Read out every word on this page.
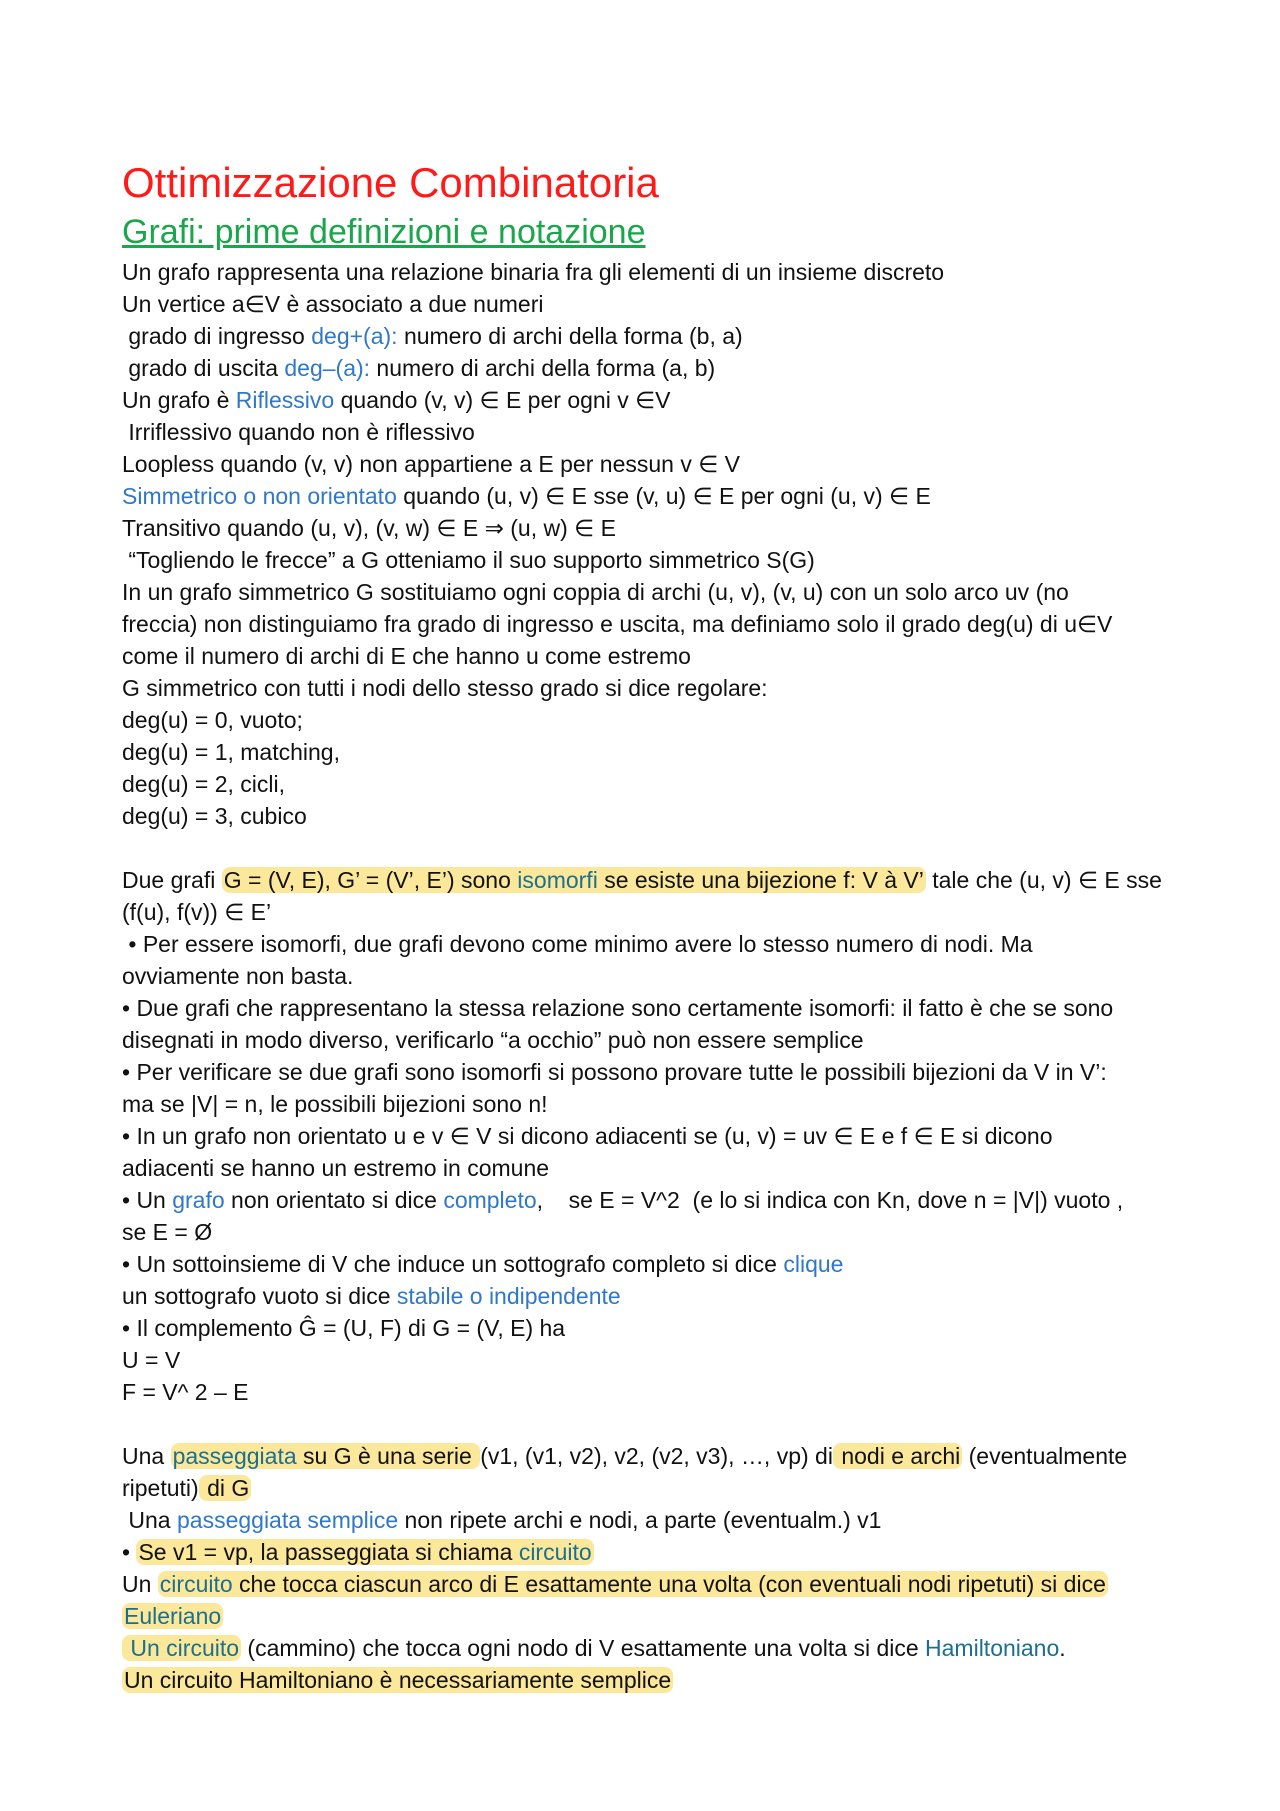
Ottimizzazione Combinatoria
Grafi: prime definizioni e notazione

Un grafo rappresenta una relazione binaria fra gli elementi di un insieme discreto

Un vertice a∈V è associato a due numeri

grado di ingresso deg+(a): numero di archi della forma (b, a)

grado di uscita deg–(a): numero di archi della forma (a, b)

Un grafo è Riflessivo quando (v, v) ∈ E per ogni v ∈V

Irriflessivo quando non è riflessivo

Loopless quando (v, v) non appartiene a E per nessun v ∈ V

Simmetrico o non orientato quando (u, v) ∈ E sse (v, u) ∈ E per ogni (u, v) ∈ E

Transitivo quando (u, v), (v, w) ∈ E ⇒ (u, w) ∈ E

“Togliendo le frecce” a G otteniamo il suo supporto simmetrico S(G)

In un grafo simmetrico G sostituiamo ogni coppia di archi (u, v), (v, u) con un solo arco uv (no

freccia) non distinguiamo fra grado di ingresso e uscita, ma definiamo solo il grado deg(u) di u∈V

come il numero di archi di E che hanno u come estremo

G simmetrico con tutti i nodi dello stesso grado si dice regolare:

deg(u) = 0, vuoto;

deg(u) = 1, matching,

deg(u) = 2, cicli,

deg(u) = 3, cubico

Due grafi G = (V, E), G’ = (V’, E’) sono isomorfi se esiste una bijezione f: V à V’ tale che (u, v) ∈ E sse

(f(u), f(v)) ∈ E’

• Per essere isomorfi, due grafi devono come minimo avere lo stesso numero di nodi. Ma

ovviamente non basta.

• Due grafi che rappresentano la stessa relazione sono certamente isomorfi: il fatto è che se sono

disegnati in modo diverso, verificarlo “a occhio” può non essere semplice

• Per verificare se due grafi sono isomorfi si possono provare tutte le possibili bijezioni da V in V’:

ma se |V| = n, le possibili bijezioni sono n!

• In un grafo non orientato u e v ∈ V si dicono adiacenti se (u, v) = uv ∈ E e f ∈ E si dicono

adiacenti se hanno un estremo in comune

• Un grafo non orientato si dice completo,    se E = V^2  (e lo si indica con Kn, dove n = |V|) vuoto ,

se E = Ø

• Un sottoinsieme di V che induce un sottografo completo si dice clique

un sottografo vuoto si dice stabile o indipendente

• Il complemento Ĝ = (U, F) di G = (V, E) ha

U = V

F = V^ 2 – E

Una passeggiata su G è una serie (v1, (v1, v2), v2, (v2, v3), …, vp) di nodi e archi (eventualmente

ripetuti) di G

Una passeggiata semplice non ripete archi e nodi, a parte (eventualm.) v1

• Se v1 = vp, la passeggiata si chiama circuito

Un circuito che tocca ciascun arco di E esattamente una volta (con eventuali nodi ripetuti) si dice

Euleriano

Un circuito (cammino) che tocca ogni nodo di V esattamente una volta si dice Hamiltoniano.

Un circuito Hamiltoniano è necessariamente semplice
